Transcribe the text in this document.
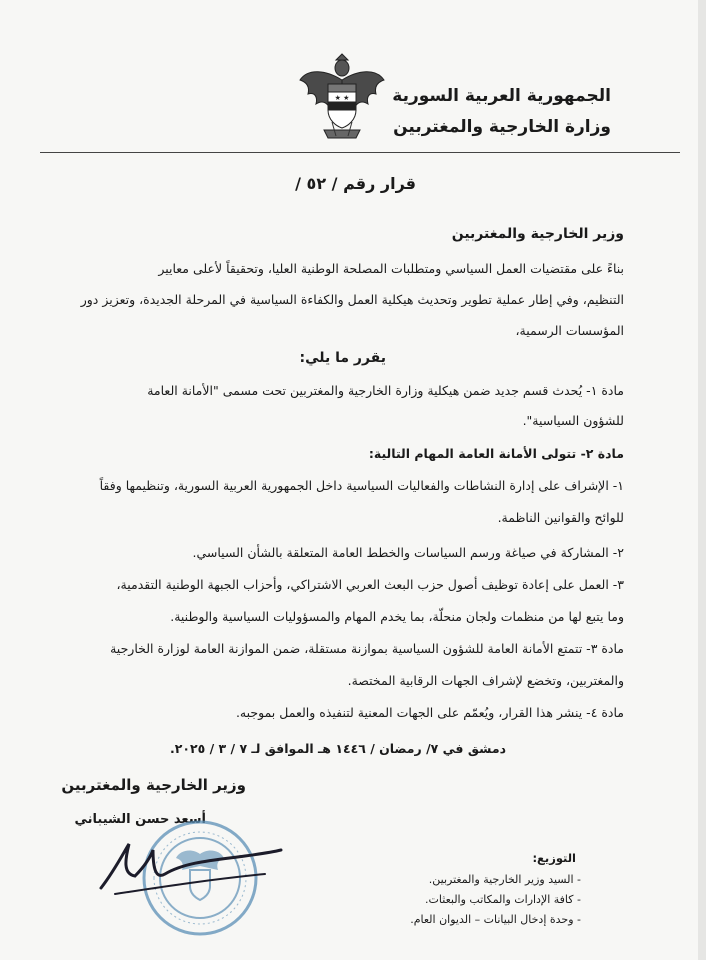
★ ★	الجمهورية العربية السورية
وزارة الخارجية والمغتربين
قرار رقم / ٥٢ /
وزير الخارجية والمغتربين
بناءً على مقتضيات العمل السياسي ومتطلبات المصلحة الوطنية العليا، وتحقيقاً لأعلى معايير
التنظيم، وفي إطار عملية تطوير وتحديث هيكلية العمل والكفاءة السياسية في المرحلة الجديدة، وتعزيز دور
المؤسسات الرسمية،
يقرر ما يلي:
مادة ١- يُحدث قسم جديد ضمن هيكلية وزارة الخارجية والمغتربين تحت مسمى "الأمانة العامة
للشؤون السياسية".
مادة ٢- تتولى الأمانة العامة المهام التالية:
١- الإشراف على إدارة النشاطات والفعاليات السياسية داخل الجمهورية العربية السورية، وتنظيمها وفقاً
للوائح والقوانين الناظمة.
٢- المشاركة في صياغة ورسم السياسات والخطط العامة المتعلقة بالشأن السياسي.
٣- العمل على إعادة توظيف أصول حزب البعث العربي الاشتراكي، وأحزاب الجبهة الوطنية التقدمية،
وما يتبع لها من منظمات ولجان منحلّة، بما يخدم المهام والمسؤوليات السياسية والوطنية.
مادة ٣- تتمتع الأمانة العامة للشؤون السياسية بموازنة مستقلة، ضمن الموازنة العامة لوزارة الخارجية
والمغتربين، وتخضع لإشراف الجهات الرقابية المختصة.
مادة ٤- ينشر هذا القرار، ويُعمّم على الجهات المعنية لتنفيذه والعمل بموجبه.
دمشق في ٧/ رمضان / ١٤٤٦ هـ الموافق لـ ٧ / ٣ / ٢٠٢٥.
وزير الخارجية والمغتربين
أسعد حسن الشيباني
التوزيع:
- السيد وزير الخارجية والمغتربين.
- كافة الإدارات والمكاتب والبعثات.
- وحدة إدخال البيانات – الديوان العام.
